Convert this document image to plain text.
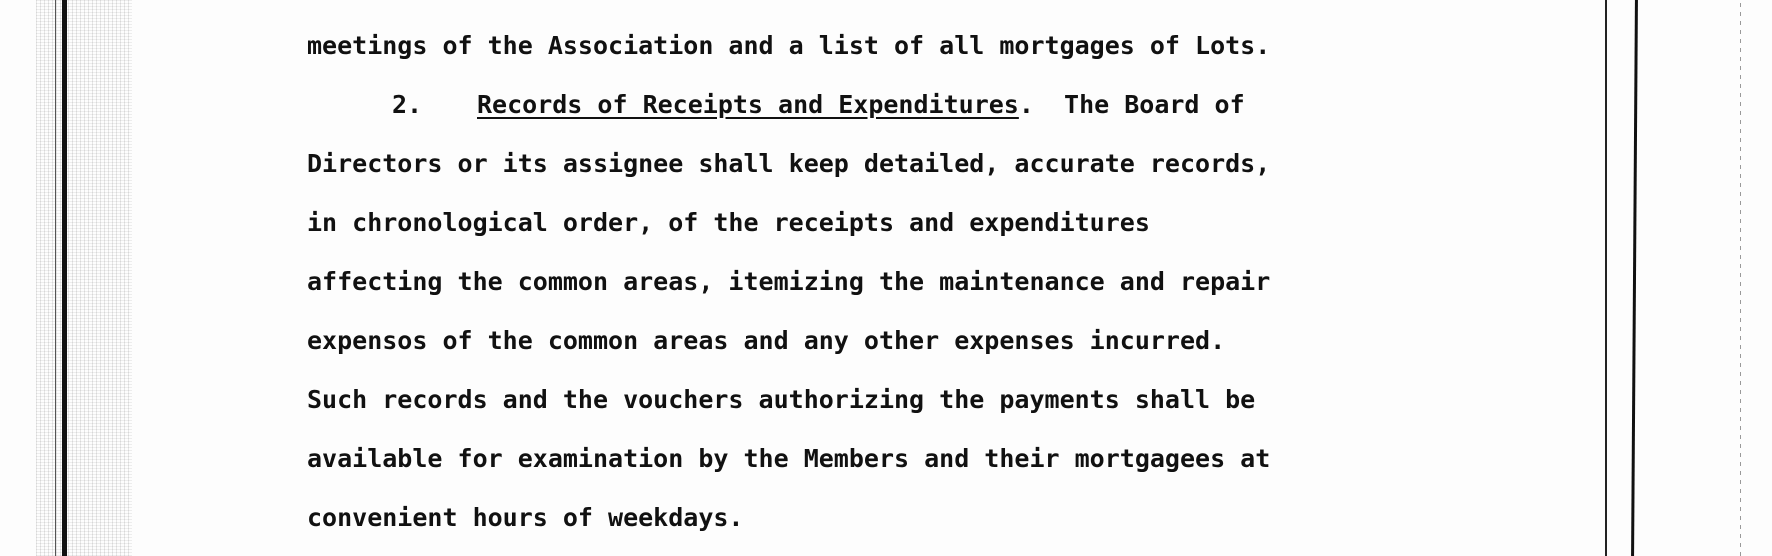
meetings of the Association and a list of all mortgages of Lots.
2. Records of Receipts and Expenditures.  The Board of
Directors or its assignee shall keep detailed, accurate records,
in chronological order, of the receipts and expenditures
affecting the common areas, itemizing the maintenance and repair
expensos of the common areas and any other expenses incurred.
Such records and the vouchers authorizing the payments shall be
available for examination by the Members and their mortgagees at
convenient hours of weekdays.
